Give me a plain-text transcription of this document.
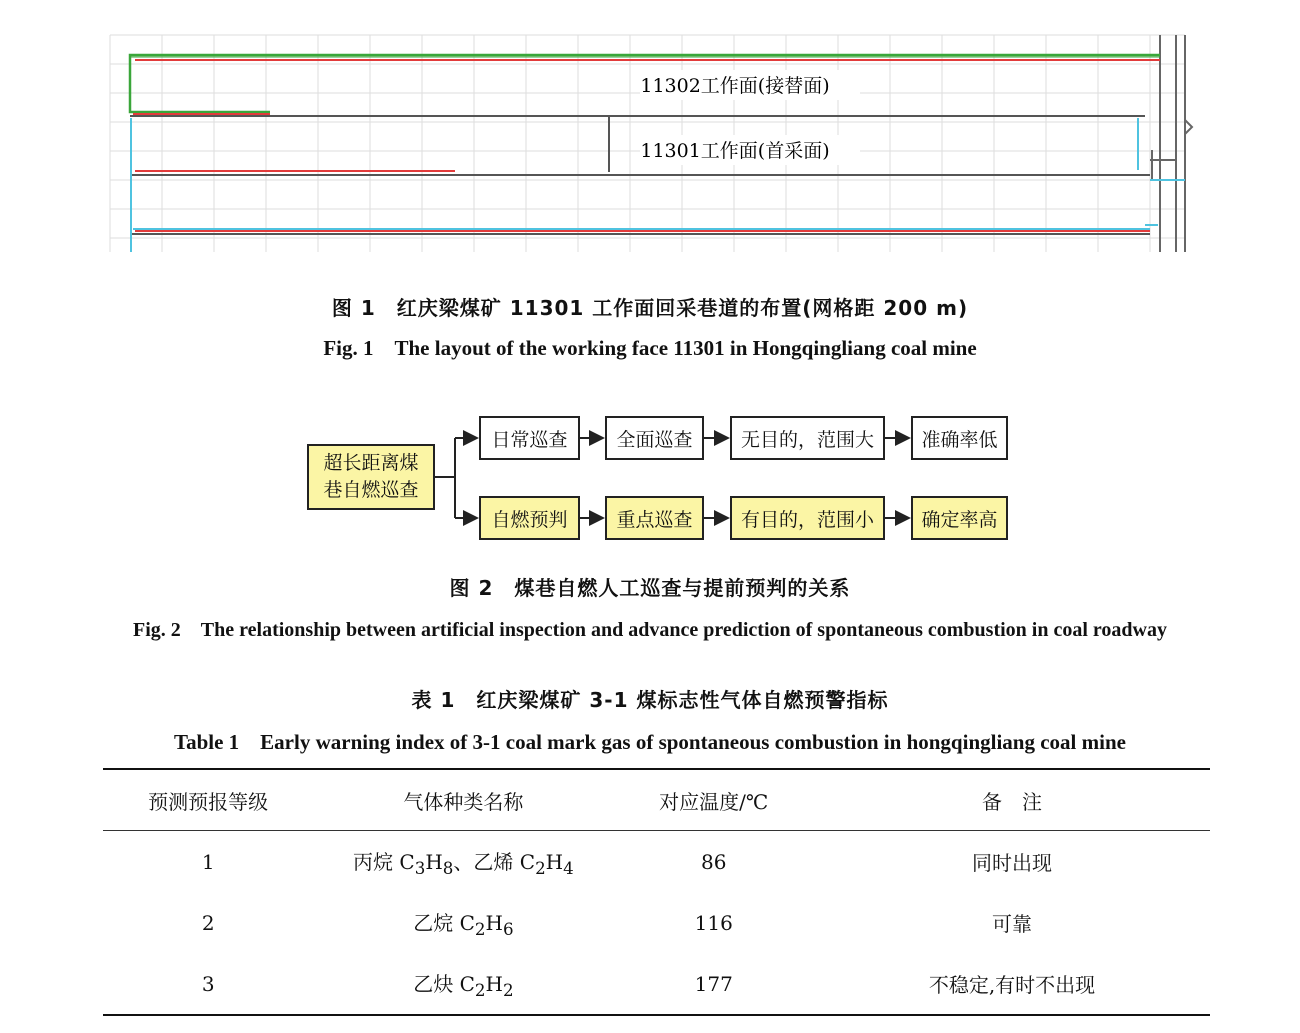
11302工作面(接替面)
11301工作面(首采面)
图 1　红庆梁煤矿 11301 工作面回采巷道的布置(网格距 200 m)
Fig. 1　The layout of the working face 11301 in Hongqingliang coal mine
超长距离煤
巷自燃巡查
日常巡查	全面巡查	无目的，范围大	准确率低
自燃预判	重点巡查	有目的，范围小	确定率高
图 2　煤巷自燃人工巡查与提前预判的关系
Fig. 2　The relationship between artificial inspection and advance prediction of spontaneous combustion in coal roadway
表 1　红庆梁煤矿 3-1 煤标志性气体自燃预警指标
Table 1　Early warning index of 3-1 coal mark gas of spontaneous combustion in hongqingliang coal mine
预测预报等级	气体种类名称	对应温度/℃	备　注
1	丙烷 $C_3H_8$、乙烯 $C_2H_4$	86	同时出现
2	乙烷 $C_2H_6$	116	可靠
3	乙炔 $C_2H_2$	177	不稳定,有时不出现
